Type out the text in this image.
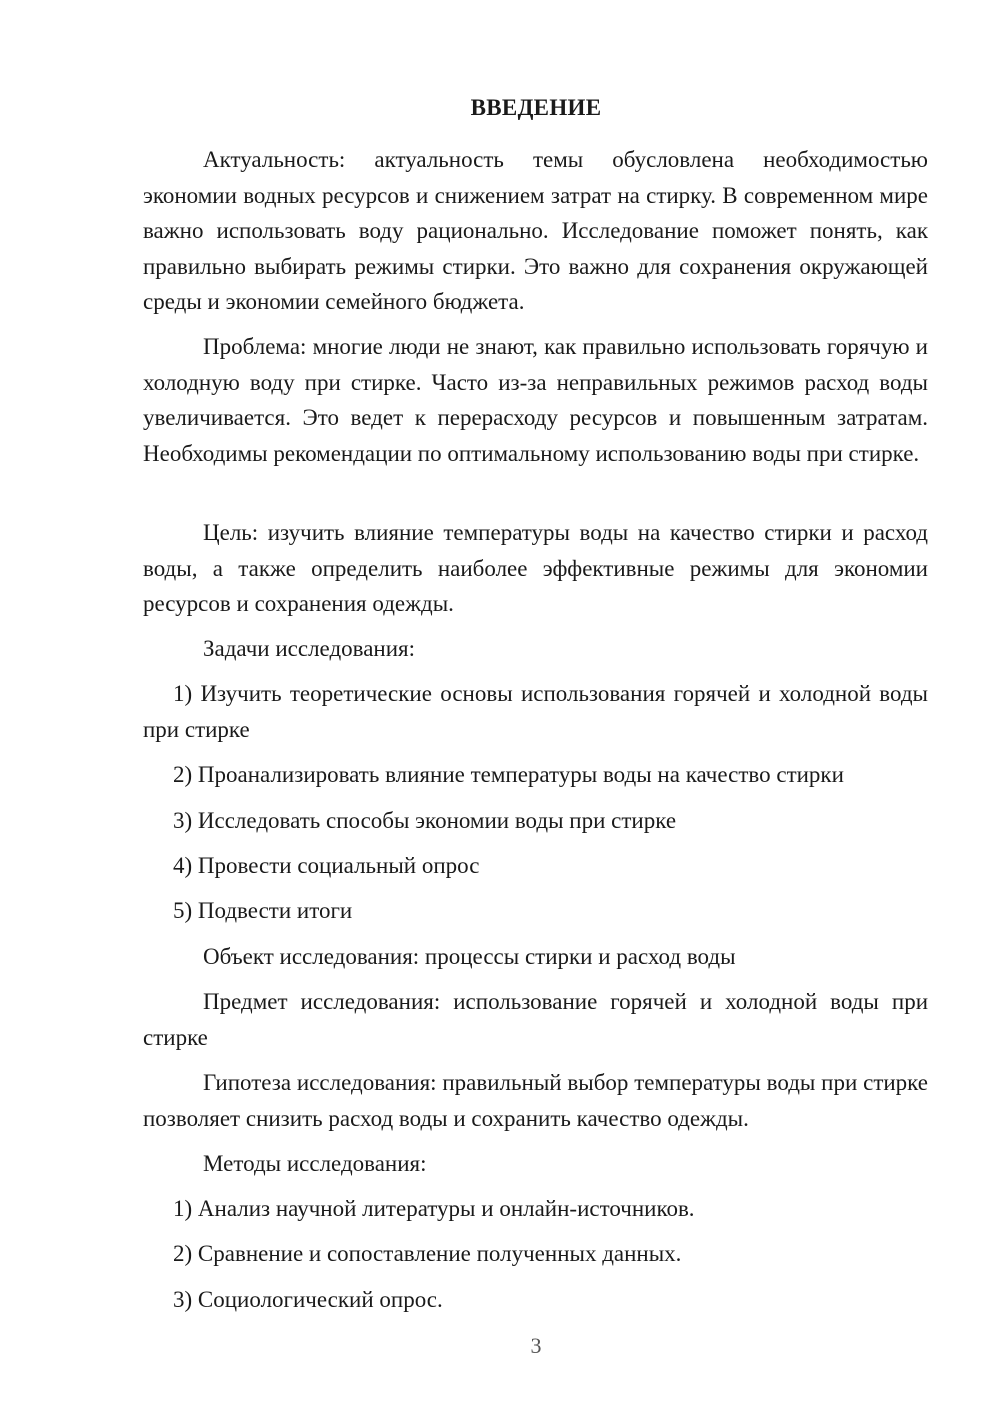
ВВЕДЕНИЕ

Актуальность: актуальность темы обусловлена необходимостью экономии водных ресурсов и снижением затрат на стирку. В современном мире важно использовать воду рационально. Исследование поможет понять, как правильно выбирать режимы стирки. Это важно для сохранения окружающей среды и экономии семейного бюджета.

Проблема: многие люди не знают, как правильно использовать горячую и холодную воду при стирке. Часто из-за неправильных режимов расход воды увеличивается. Это ведет к перерасходу ресурсов и повышенным затратам. Необходимы рекомендации по оптимальному использованию воды при стирке.

Цель: изучить влияние температуры воды на качество стирки и расход воды, а также определить наиболее эффективные режимы для экономии ресурсов и сохранения одежды.

Задачи исследования:

1) Изучить теоретические основы использования горячей и холодной воды при стирке

2) Проанализировать влияние температуры воды на качество стирки

3) Исследовать способы экономии воды при стирке

4) Провести социальный опрос

5) Подвести итоги

Объект исследования: процессы стирки и расход воды

Предмет исследования: использование горячей и холодной воды при стирке

Гипотеза исследования: правильный выбор температуры воды при стирке позволяет снизить расход воды и сохранить качество одежды.

Методы исследования:

1) Анализ научной литературы и онлайн-источников.

2) Сравнение и сопоставление полученных данных.

3) Социологический опрос.

3
